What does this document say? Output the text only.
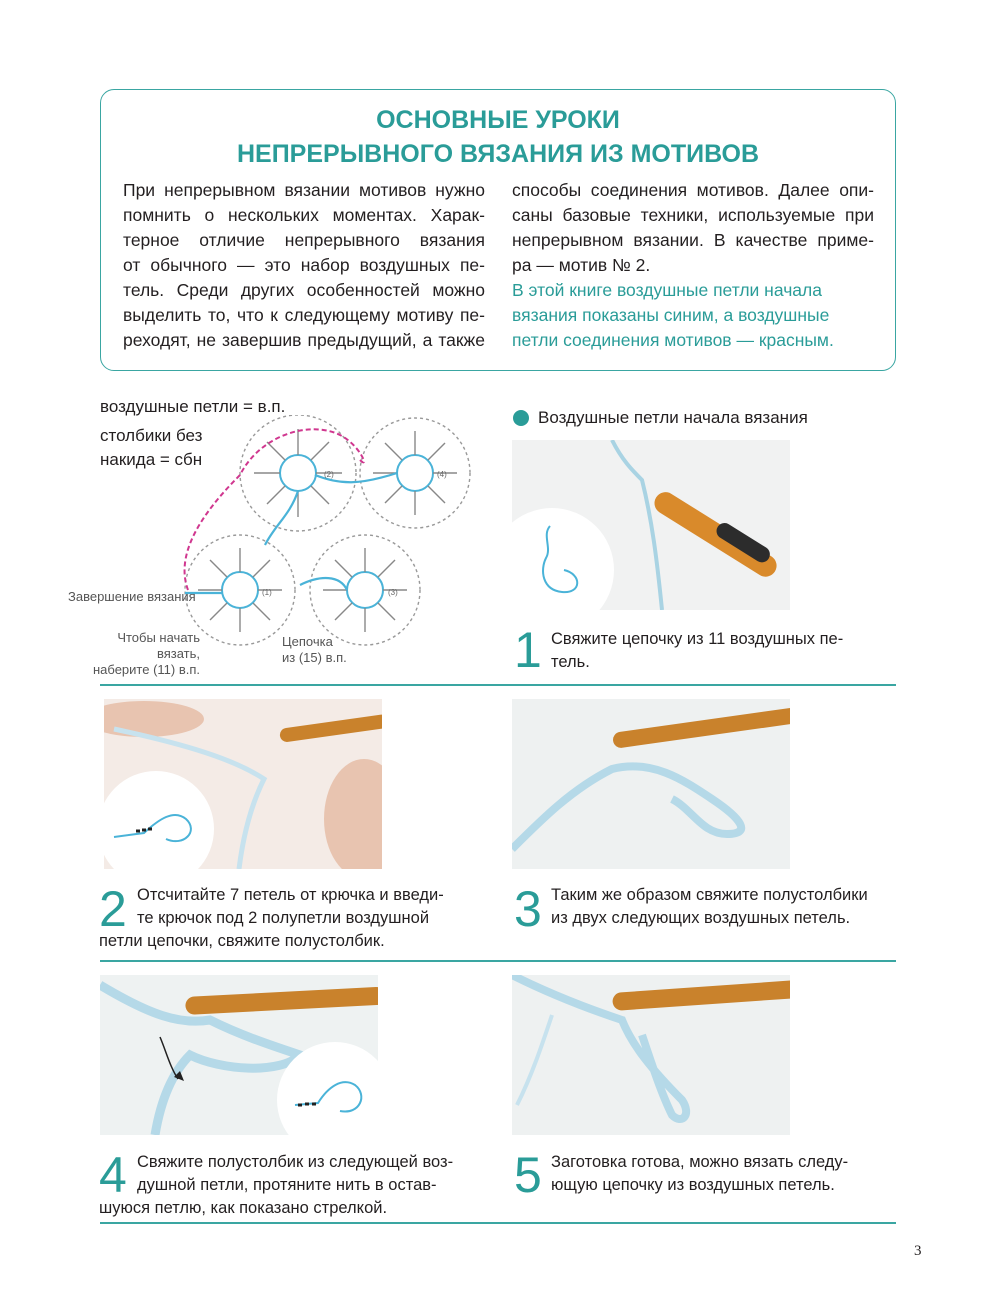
ОСНОВНЫЕ УРОКИ
НЕПРЕРЫВНОГО ВЯЗАНИЯ ИЗ МОТИВОВ
При непрерывном вязании мотивов нужно
помнить о нескольких моментах. Харак-
терное отличие непрерывного вязания
от обычного — это набор воздушных пе-
тель. Среди других особенностей можно
выделить то, что к следующему мотиву пе-
реходят, не завершив предыдущий, а также
способы соединения мотивов. Далее опи-
саны базовые техники, используемые при
непрерывном вязании. В качестве приме-
ра — мотив № 2.
В этой книге воздушные петли начала
вязания показаны синим, а воздушные
петли соединения мотивов — красным.
воздушные петли = в.п.
столбики без
накида = сбн
(2)	(4)
(1)	(3)
Завершение вязания
Чтобы начать вязать,
наберите (11) в.п.
Цепочка
из (15) в.п.
Воздушные петли начала вязания
1 Свяжите цепочку из 11 воздушных пе-
тель.
2 Отсчитайте 7 петель от крючка и введи-
те крючок под 2 полупетли воздушной
петли цепочки, свяжите полустолбик.
3 Таким же образом свяжите полустолбики
из двух следующих воздушных петель.
4 Свяжите полустолбик из следующей воз-
душной петли, протяните нить в остав-
шуюся петлю, как показано стрелкой.
5 Заготовка готова, можно вязать следу-
ющую цепочку из воздушных петель.
3
